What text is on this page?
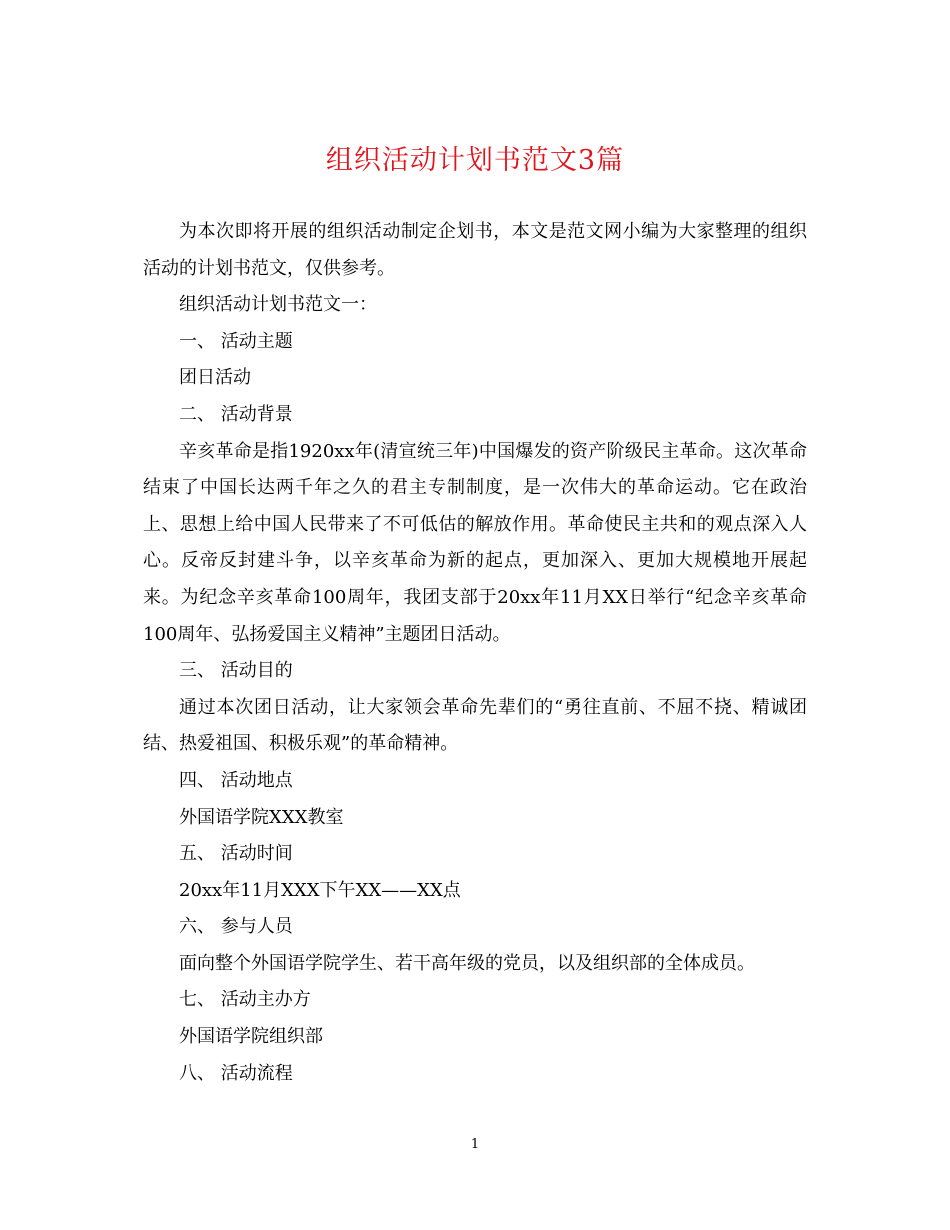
组织活动计划书范文3篇

为本次即将开展的组织活动制定企划书，本文是范文网小编为大家整理的组织活动的计划书范文，仅供参考。

组织活动计划书范文一：

一、 活动主题

团日活动

二、 活动背景

辛亥革命是指1920xx年(清宣统三年)中国爆发的资产阶级民主革命。这次革命结束了中国长达两千年之久的君主专制制度，是一次伟大的革命运动。它在政治上、思想上给中国人民带来了不可低估的解放作用。革命使民主共和的观点深入人心。反帝反封建斗争，以辛亥革命为新的起点，更加深入、更加大规模地开展起来。为纪念辛亥革命100周年，我团支部于20xx年11月XX日举行“纪念辛亥革命100周年、弘扬爱国主义精神”主题团日活动。

三、 活动目的

通过本次团日活动，让大家领会革命先辈们的“勇往直前、不屈不挠、精诚团结、热爱祖国、积极乐观”的革命精神。

四、 活动地点

外国语学院XXX教室

五、 活动时间

20xx年11月XXX下午XX——XX点

六、 参与人员

面向整个外国语学院学生、若干高年级的党员，以及组织部的全体成员。

七、 活动主办方

外国语学院组织部

八、 活动流程

1
